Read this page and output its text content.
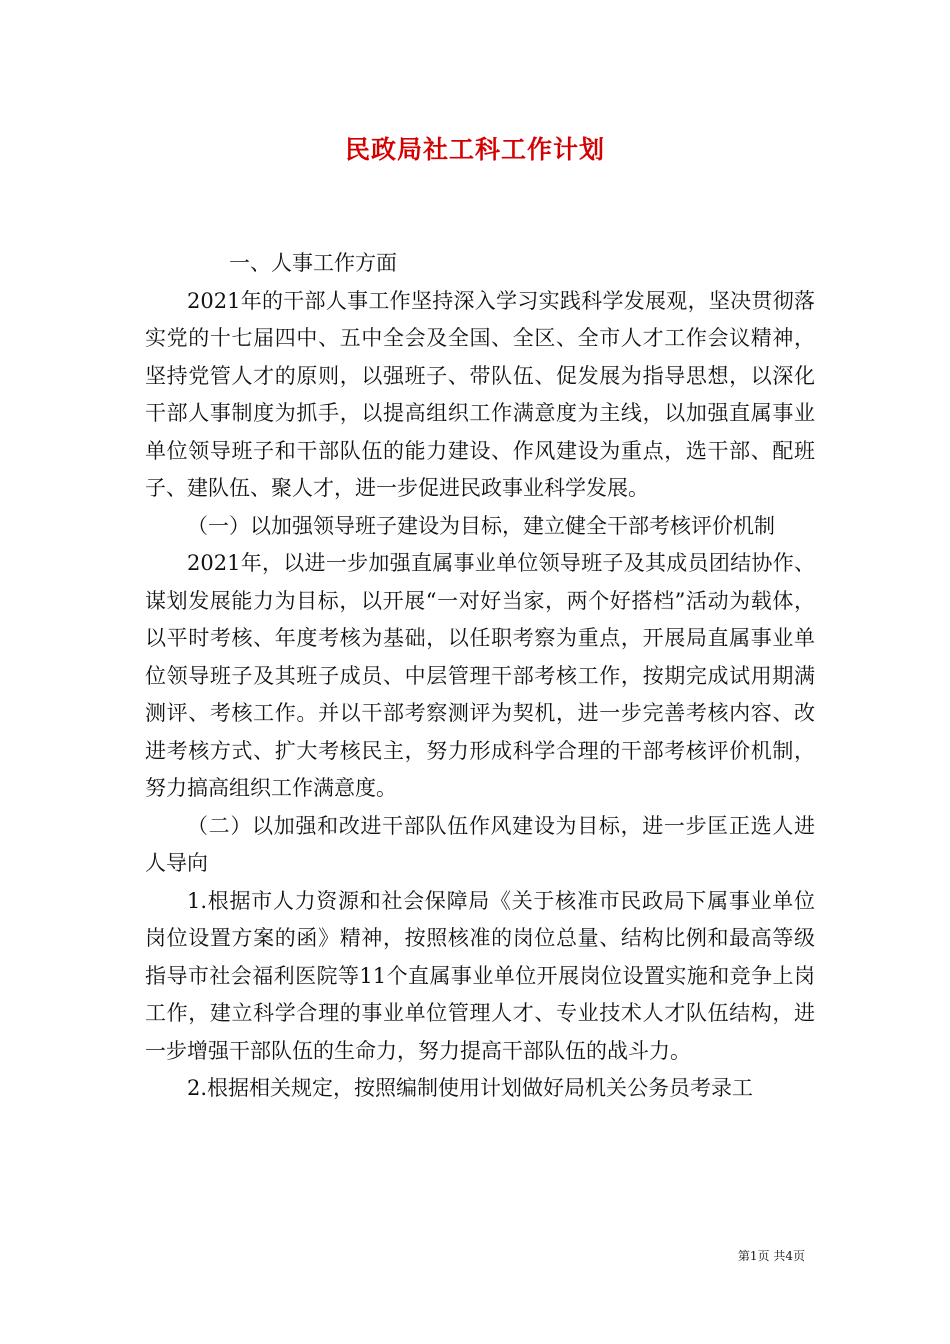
民政局社工科工作计划

一、人事工作方面

2021年的干部人事工作坚持深入学习实践科学发展观，坚决贯彻落实党的十七届四中、五中全会及全国、全区、全市人才工作会议精神，坚持党管人才的原则，以强班子、带队伍、促发展为指导思想，以深化干部人事制度为抓手，以提高组织工作满意度为主线，以加强直属事业单位领导班子和干部队伍的能力建设、作风建设为重点，选干部、配班子、建队伍、聚人才，进一步促进民政事业科学发展。

（一）以加强领导班子建设为目标，建立健全干部考核评价机制

2021年，以进一步加强直属事业单位领导班子及其成员团结协作、谋划发展能力为目标，以开展“一对好当家，两个好搭档”活动为载体，以平时考核、年度考核为基础，以任职考察为重点，开展局直属事业单位领导班子及其班子成员、中层管理干部考核工作，按期完成试用期满测评、考核工作。并以干部考察测评为契机，进一步完善考核内容、改进考核方式、扩大考核民主，努力形成科学合理的干部考核评价机制，努力搞高组织工作满意度。

（二）以加强和改进干部队伍作风建设为目标，进一步匡正选人进人导向

1.根据市人力资源和社会保障局《关于核准市民政局下属事业单位岗位设置方案的函》精神，按照核准的岗位总量、结构比例和最高等级指导市社会福利医院等11个直属事业单位开展岗位设置实施和竞争上岗工作，建立科学合理的事业单位管理人才、专业技术人才队伍结构，进一步增强干部队伍的生命力，努力提高干部队伍的战斗力。

2.根据相关规定，按照编制使用计划做好局机关公务员考录工

第1页 共4页
